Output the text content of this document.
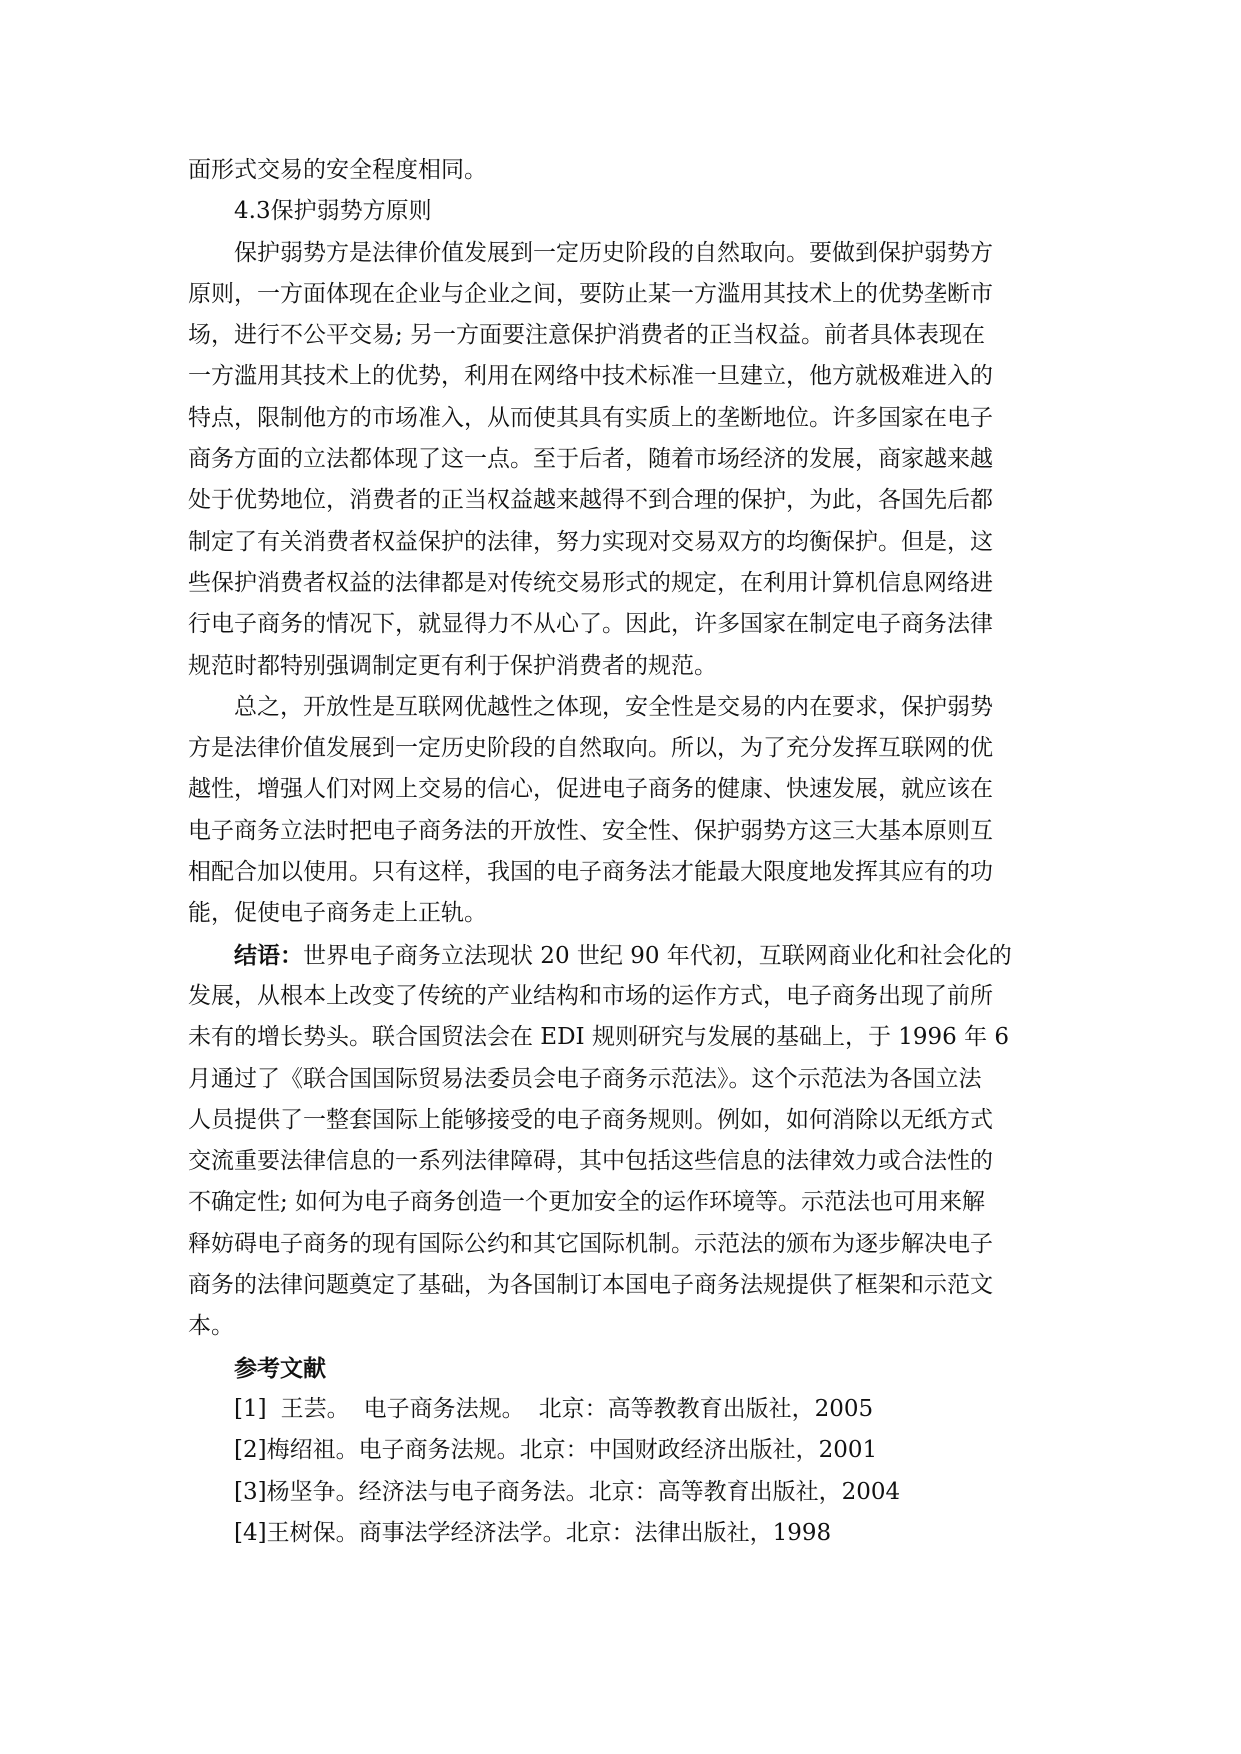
面形式交易的安全程度相同。
4.3保护弱势方原则
保护弱势方是法律价值发展到一定历史阶段的自然取向。要做到保护弱势方
原则，一方面体现在企业与企业之间，要防止某一方滥用其技术上的优势垄断市
场，进行不公平交易; 另一方面要注意保护消费者的正当权益。前者具体表现在
一方滥用其技术上的优势，利用在网络中技术标准一旦建立，他方就极难进入的
特点，限制他方的市场准入，从而使其具有实质上的垄断地位。许多国家在电子
商务方面的立法都体现了这一点。至于后者，随着市场经济的发展，商家越来越
处于优势地位，消费者的正当权益越来越得不到合理的保护，为此，各国先后都
制定了有关消费者权益保护的法律，努力实现对交易双方的均衡保护。但是，这
些保护消费者权益的法律都是对传统交易形式的规定，在利用计算机信息网络进
行电子商务的情况下，就显得力不从心了。因此，许多国家在制定电子商务法律
规范时都特别强调制定更有利于保护消费者的规范。
总之，开放性是互联网优越性之体现，安全性是交易的内在要求，保护弱势
方是法律价值发展到一定历史阶段的自然取向。所以，为了充分发挥互联网的优
越性，增强人们对网上交易的信心，促进电子商务的健康、快速发展，就应该在
电子商务立法时把电子商务法的开放性、安全性、保护弱势方这三大基本原则互
相配合加以使用。只有这样，我国的电子商务法才能最大限度地发挥其应有的功
能，促使电子商务走上正轨。
结语：世界电子商务立法现状 20 世纪 90 年代初，互联网商业化和社会化的
发展，从根本上改变了传统的产业结构和市场的运作方式，电子商务出现了前所
未有的增长势头。联合国贸法会在 EDI 规则研究与发展的基础上，于 1996 年 6
月通过了《联合国国际贸易法委员会电子商务示范法》。这个示范法为各国立法
人员提供了一整套国际上能够接受的电子商务规则。例如，如何消除以无纸方式
交流重要法律信息的一系列法律障碍，其中包括这些信息的法律效力或合法性的
不确定性; 如何为电子商务创造一个更加安全的运作环境等。示范法也可用来解
释妨碍电子商务的现有国际公约和其它国际机制。示范法的颁布为逐步解决电子
商务的法律问题奠定了基础，为各国制订本国电子商务法规提供了框架和示范文
本。
参考文献
[1] 王芸。 电子商务法规。 北京：高等教教育出版社，2005
[2]梅绍祖。电子商务法规。北京：中国财政经济出版社，2001
[3]杨坚争。经济法与电子商务法。北京：高等教育出版社，2004
[4]王树保。商事法学经济法学。北京：法律出版社，1998
